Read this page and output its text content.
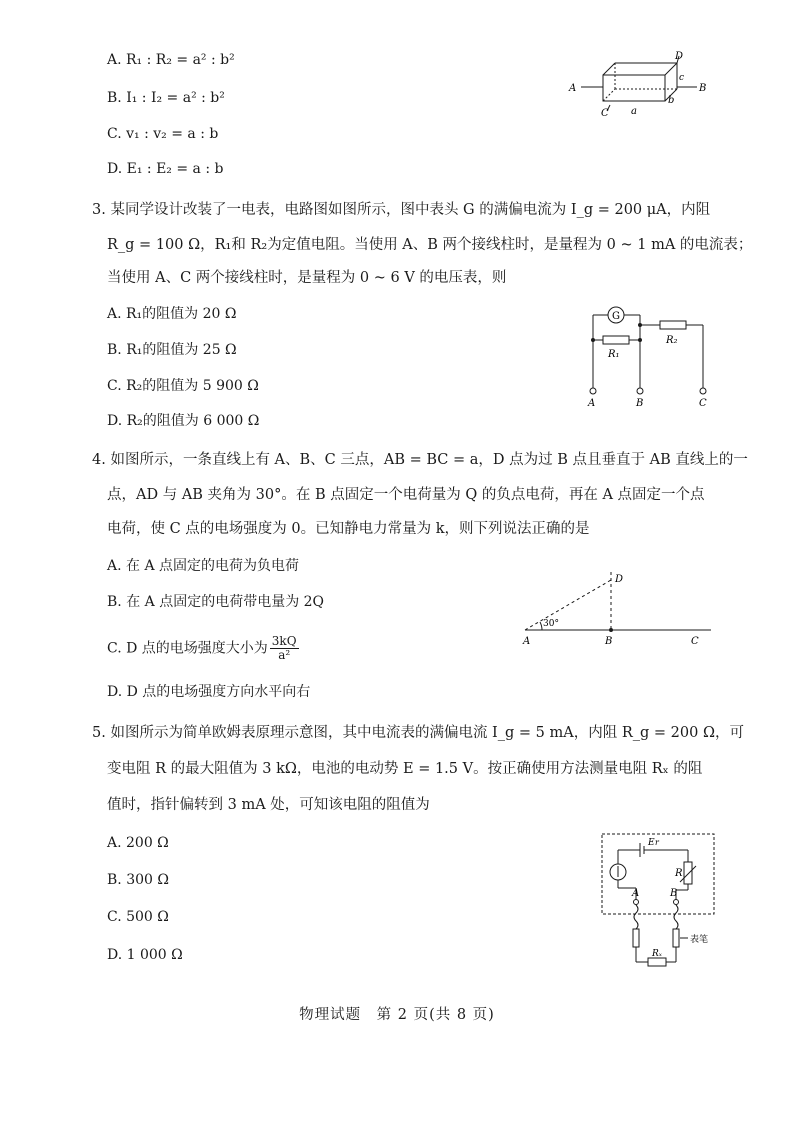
A. R₁ : R₂ = a² : b²
B. I₁ : I₂ = a² : b²
C. v₁ : v₂ = a : b
D. E₁ : E₂ = a : b
A	B
C
D
a
b
c
3. 某同学设计改装了一电表，电路图如图所示，图中表头 G 的满偏电流为 I_g = 200 μA，内阻
R_g = 100 Ω，R₁和 R₂为定值电阻。当使用 A、B 两个接线柱时，是量程为 0 ~ 1 mA 的电流表；
当使用 A、C 两个接线柱时，是量程为 0 ~ 6 V 的电压表，则
A. R₁的阻值为 20 Ω
B. R₁的阻值为 25 Ω
C. R₂的阻值为 5 900 Ω
D. R₂的阻值为 6 000 Ω
G
R₁
R₂
A	B	C
4. 如图所示，一条直线上有 A、B、C 三点，AB = BC = a，D 点为过 B 点且垂直于 AB 直线上的一
点，AD 与 AB 夹角为 30°。在 B 点固定一个电荷量为 Q 的负点电荷，再在 A 点固定一个点
电荷，使 C 点的电场强度为 0。已知静电力常量为 k，则下列说法正确的是
A. 在 A 点固定的电荷为负电荷
B. 在 A 点固定的电荷带电量为 2Q
C. D 点的电场强度大小为 $\frac{3kQ}{\text{a²}}$
D. D 点的电场强度方向水平向右
A	B	C
D
30°
5. 如图所示为简单欧姆表原理示意图，其中电流表的满偏电流 I_g = 5 mA，内阻 R_g = 200 Ω，可
变电阻 R 的最大阻值为 3 kΩ，电池的电动势 E = 1.5 V。按正确使用方法测量电阻 Rₓ 的阻
值时，指针偏转到 3 mA 处，可知该电阻的阻值为
A. 200 Ω
B. 300 Ω
C. 500 Ω
D. 1 000 Ω
E r
R
A	B
Rₓ
表笔
物理试题　第 2 页(共 8 页)
